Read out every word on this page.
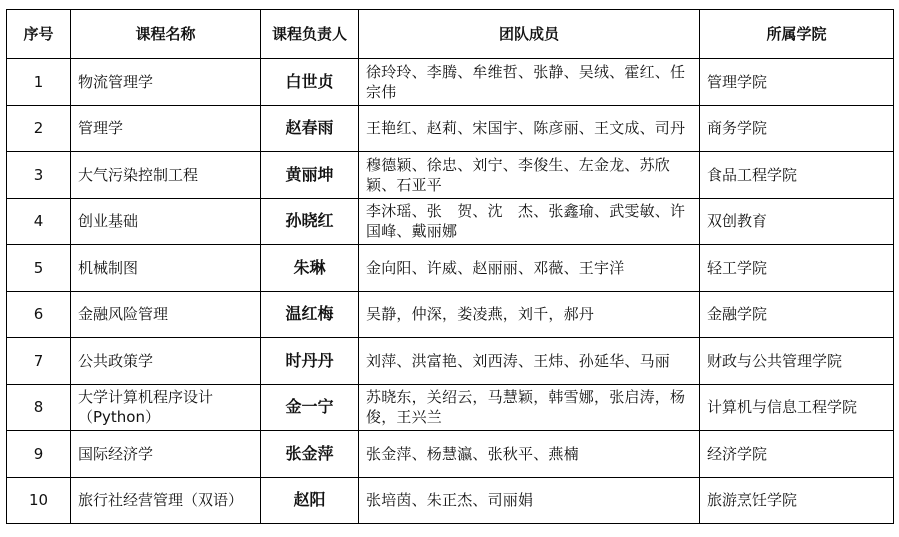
序号	课程名称	课程负责人	团队成员	所属学院
1	物流管理学	白世贞	徐玲玲、李腾、牟维哲、张静、吴绒、霍红、任宗伟	管理学院
2	管理学	赵春雨	王艳红、赵莉、宋国宇、陈彦丽、王文成、司丹	商务学院
3	大气污染控制工程	黄丽坤	穆德颖、徐忠、刘宁、李俊生、左金龙、苏欣颖、石亚平	食品工程学院
4	创业基础	孙晓红	李沐瑶、张　贺、沈　杰、张鑫瑜、武雯敏、许国峰、戴丽娜	双创教育
5	机械制图	朱琳	金向阳、许威、赵丽丽、邓薇、王宇洋	轻工学院
6	金融风险管理	温红梅	吴静，仲深，娄凌燕，刘千，郝丹	金融学院
7	公共政策学	时丹丹	刘萍、洪富艳、刘西涛、王炜、孙延华、马丽	财政与公共管理学院
8	大学计算机程序设计（Python）	金一宁	苏晓东，关绍云，马慧颖，韩雪娜，张启涛，杨俊，王兴兰	计算机与信息工程学院
9	国际经济学	张金萍	张金萍、杨慧瀛、张秋平、燕楠	经济学院
10	旅行社经营管理（双语）	赵阳	张培茵、朱正杰、司丽娟	旅游烹饪学院
